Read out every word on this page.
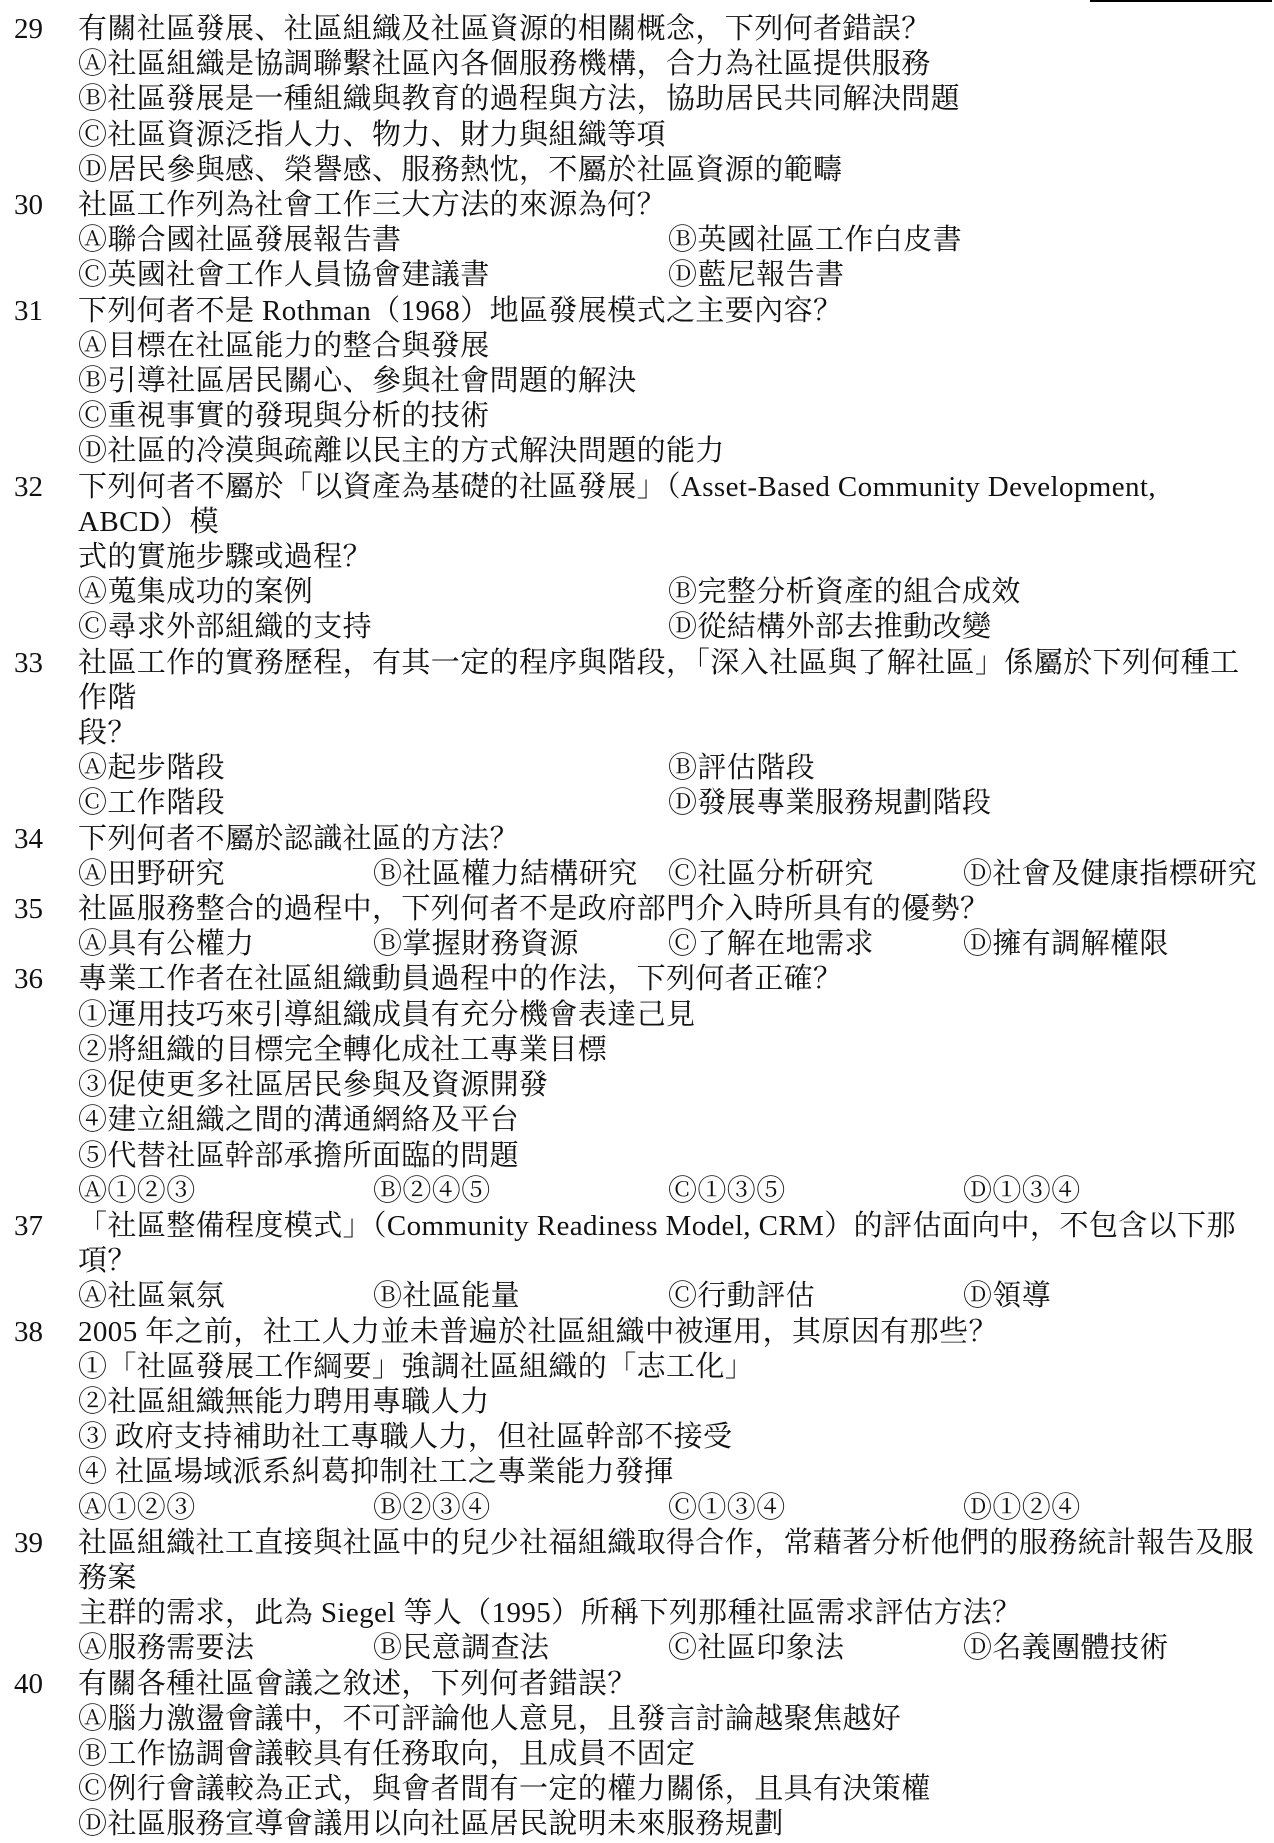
29	有關社區發展、社區組織及社區資源的相關概念，下列何者錯誤？
Ⓐ社區組織是協調聯繫社區內各個服務機構，合力為社區提供服務
Ⓑ社區發展是一種組織與教育的過程與方法，協助居民共同解決問題
Ⓒ社區資源泛指人力、物力、財力與組織等項
Ⓓ居民參與感、榮譽感、服務熱忱，不屬於社區資源的範疇
30	社區工作列為社會工作三大方法的來源為何？
Ⓐ聯合國社區發展報告書	Ⓑ英國社區工作白皮書
Ⓒ英國社會工作人員協會建議書	Ⓓ藍尼報告書
31	下列何者不是 Rothman（1968）地區發展模式之主要內容？
Ⓐ目標在社區能力的整合與發展
Ⓑ引導社區居民關心、參與社會問題的解決
Ⓒ重視事實的發現與分析的技術
Ⓓ社區的冷漠與疏離以民主的方式解決問題的能力
32	下列何者不屬於「以資產為基礎的社區發展」（Asset-Based Community Development, ABCD）模
式的實施步驟或過程？
Ⓐ蒐集成功的案例	Ⓑ完整分析資產的組合成效
Ⓒ尋求外部組織的支持	Ⓓ從結構外部去推動改變
33	社區工作的實務歷程，有其一定的程序與階段，「深入社區與了解社區」係屬於下列何種工作階
段？
Ⓐ起步階段	Ⓑ評估階段
Ⓒ工作階段	Ⓓ發展專業服務規劃階段
34	下列何者不屬於認識社區的方法？
Ⓐ田野研究	Ⓑ社區權力結構研究	Ⓒ社區分析研究	Ⓓ社會及健康指標研究
35	社區服務整合的過程中，下列何者不是政府部門介入時所具有的優勢？
Ⓐ具有公權力	Ⓑ掌握財務資源	Ⓒ了解在地需求	Ⓓ擁有調解權限
36	專業工作者在社區組織動員過程中的作法，下列何者正確？
①運用技巧來引導組織成員有充分機會表達己見
②將組織的目標完全轉化成社工專業目標
③促使更多社區居民參與及資源開發
④建立組織之間的溝通網絡及平台
⑤代替社區幹部承擔所面臨的問題
Ⓐ①②③	Ⓑ②④⑤	Ⓒ①③⑤	Ⓓ①③④
37	「社區整備程度模式」（Community Readiness Model, CRM）的評估面向中，不包含以下那項？
Ⓐ社區氣氛	Ⓑ社區能量	Ⓒ行動評估	Ⓓ領導
38	2005 年之前，社工人力並未普遍於社區組織中被運用，其原因有那些？
①「社區發展工作綱要」強調社區組織的「志工化」
②社區組織無能力聘用專職人力
③ 政府支持補助社工專職人力，但社區幹部不接受
④ 社區場域派系糾葛抑制社工之專業能力發揮
Ⓐ①②③	Ⓑ②③④	Ⓒ①③④	Ⓓ①②④
39	社區組織社工直接與社區中的兒少社福組織取得合作，常藉著分析他們的服務統計報告及服務案
主群的需求，此為 Siegel 等人（1995）所稱下列那種社區需求評估方法？
Ⓐ服務需要法	Ⓑ民意調查法	Ⓒ社區印象法	Ⓓ名義團體技術
40	有關各種社區會議之敘述，下列何者錯誤？
Ⓐ腦力激盪會議中，不可評論他人意見，且發言討論越聚焦越好
Ⓑ工作協調會議較具有任務取向，且成員不固定
Ⓒ例行會議較為正式，與會者間有一定的權力關係，且具有決策權
Ⓓ社區服務宣導會議用以向社區居民說明未來服務規劃
